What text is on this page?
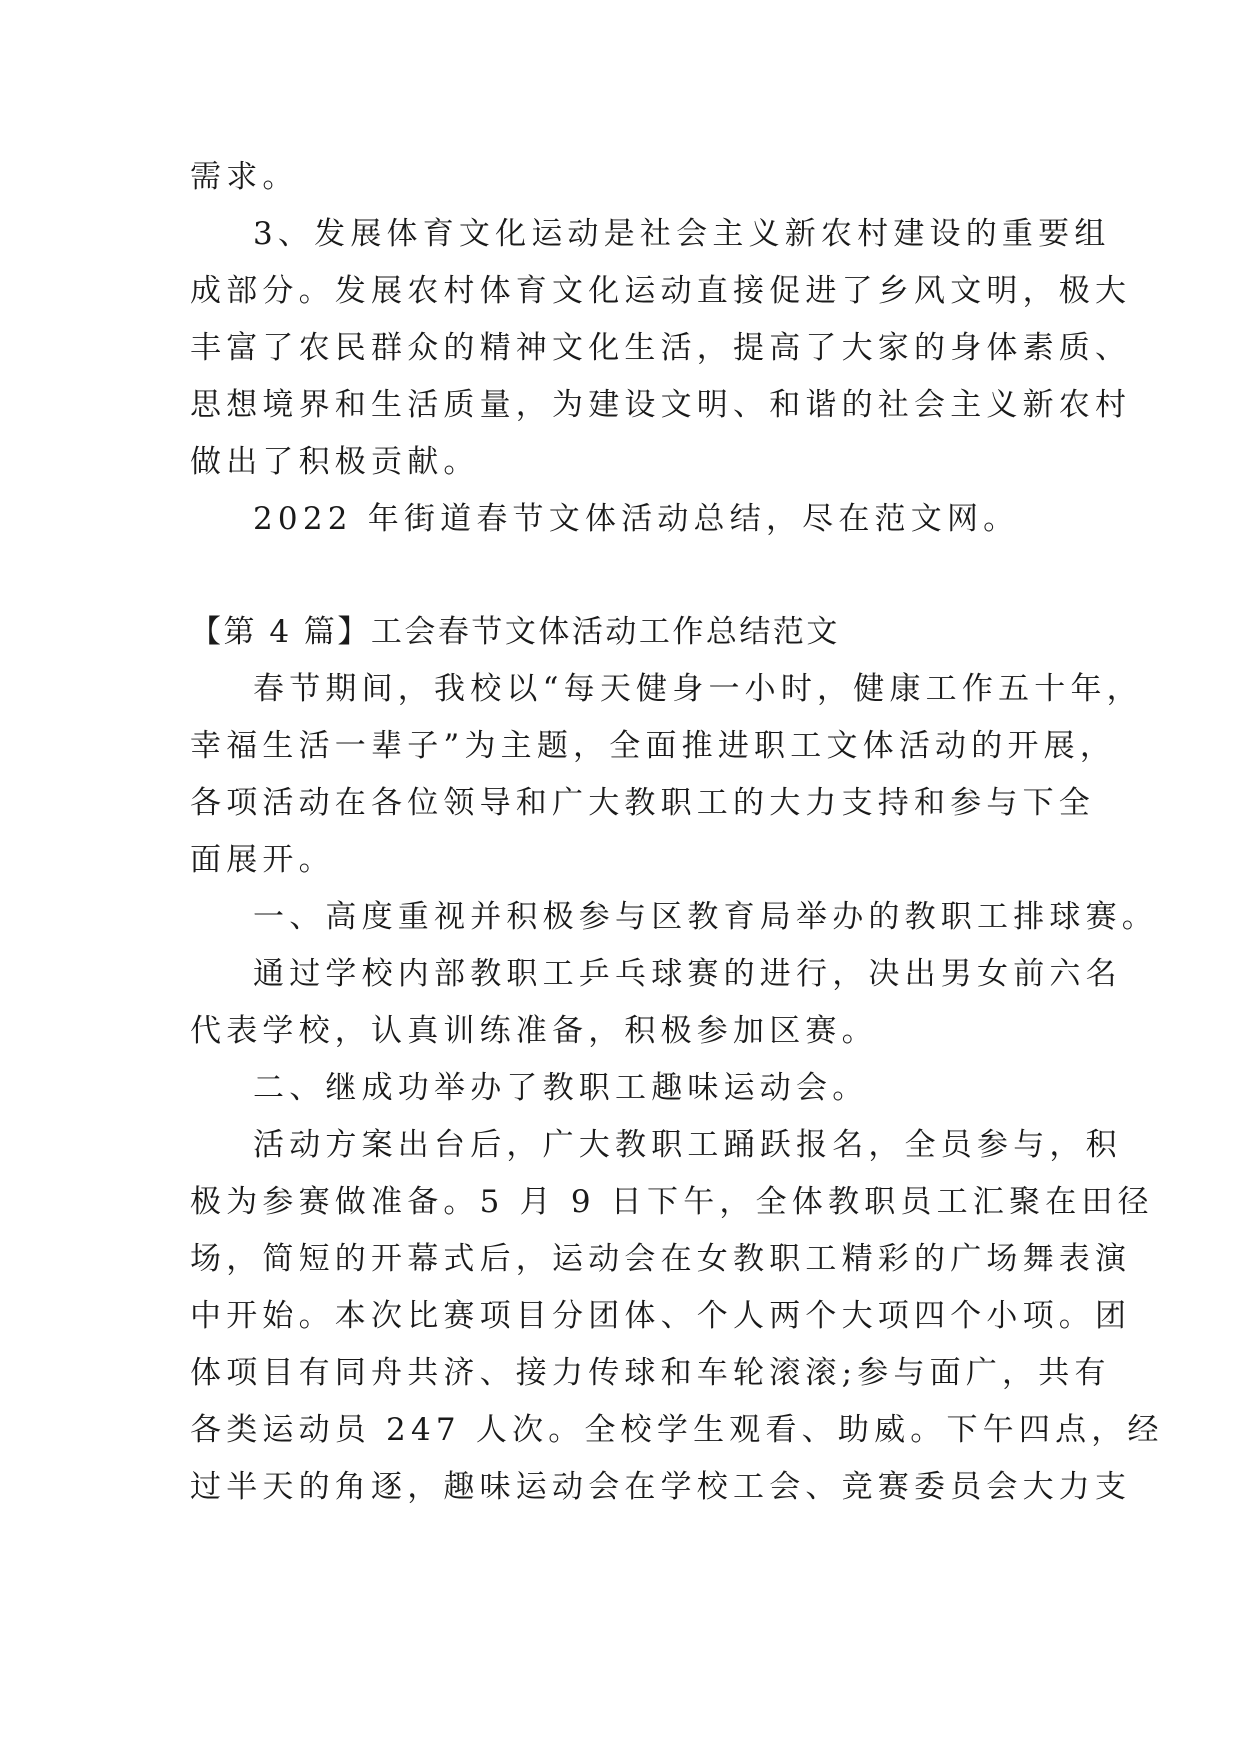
需求。

3、发展体育文化运动是社会主义新农村建设的重要组

成部分。发展农村体育文化运动直接促进了乡风文明，极大

丰富了农民群众的精神文化生活，提高了大家的身体素质、

思想境界和生活质量，为建设文明、和谐的社会主义新农村

做出了积极贡献。

2022 年街道春节文体活动总结，尽在范文网。

【第 4 篇】工会春节文体活动工作总结范文

春节期间，我校以“每天健身一小时，健康工作五十年，

幸福生活一辈子”为主题，全面推进职工文体活动的开展，

各项活动在各位领导和广大教职工的大力支持和参与下全

面展开。

一、高度重视并积极参与区教育局举办的教职工排球赛。

通过学校内部教职工乒乓球赛的进行，决出男女前六名

代表学校，认真训练准备，积极参加区赛。

二、继成功举办了教职工趣味运动会。

活动方案出台后，广大教职工踊跃报名，全员参与，积

极为参赛做准备。5 月 9 日下午，全体教职员工汇聚在田径

场，简短的开幕式后，运动会在女教职工精彩的广场舞表演

中开始。本次比赛项目分团体、个人两个大项四个小项。团

体项目有同舟共济、接力传球和车轮滚滚;参与面广，共有

各类运动员 247 人次。全校学生观看、助威。下午四点，经

过半天的角逐，趣味运动会在学校工会、竞赛委员会大力支
